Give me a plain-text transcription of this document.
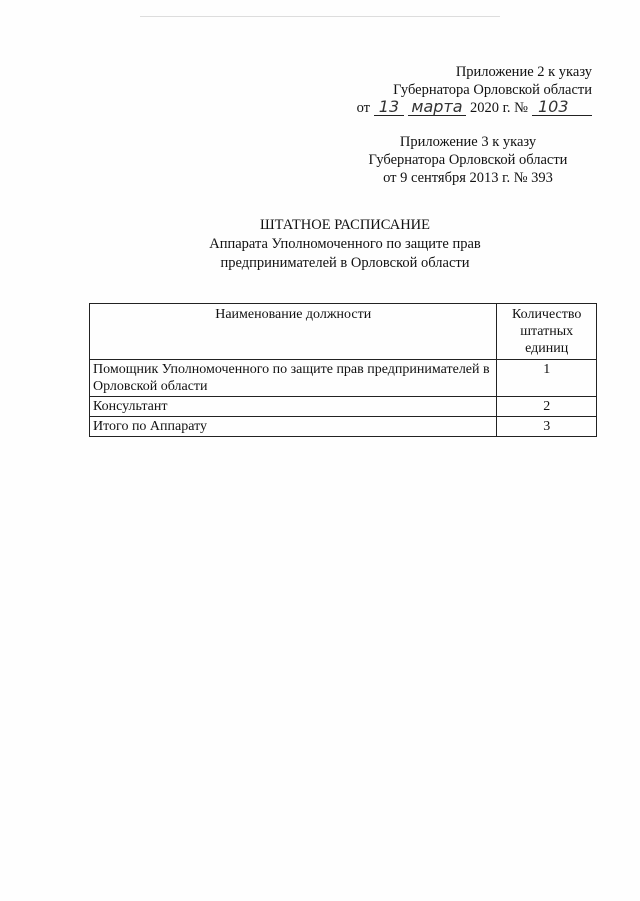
Приложение 2 к указу
Губернатора Орловской области
от 13 марта 2020 г. № 103
Приложение 3 к указу
Губернатора Орловской области
от 9 сентября 2013 г. № 393
ШТАТНОЕ РАСПИСАНИЕ
Аппарата Уполномоченного по защите прав
предпринимателей в Орловской области
Наименование должности	Количество штатных единиц
Помощник Уполномоченного по защите прав предпринимателей в Орловской области	1
Консультант	2
Итого по Аппарату	3
